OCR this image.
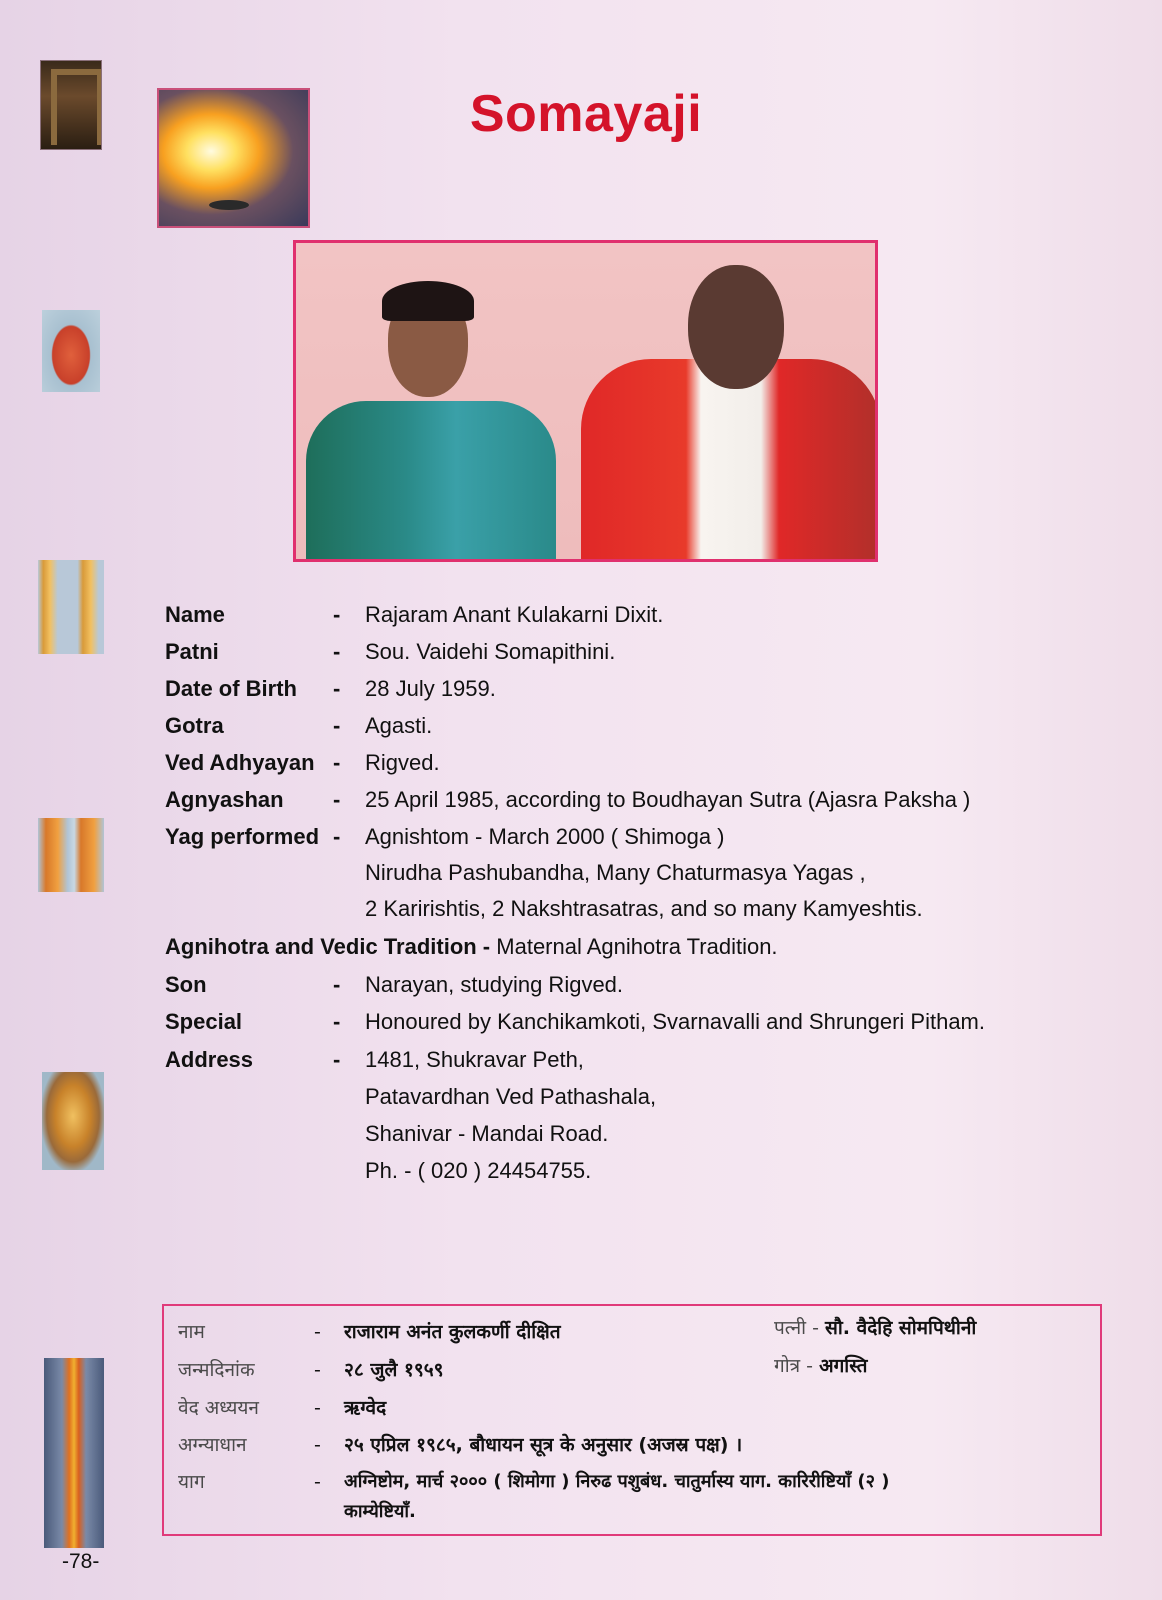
Somayaji
Name	- Rajaram Anant Kulakarni Dixit.
Patni	- Sou. Vaidehi Somapithini.
Date of Birth - 28 July 1959.
Gotra	- Agasti.
Ved Adhyayan - Rigved.
Agnyashan - 25 April 1985, according to Boudhayan Sutra (Ajasra Paksha )
Yag performed - Agnishtom - March 2000 ( Shimoga )
Nirudha Pashubandha, Many Chaturmasya Yagas ,
2 Karirishtis, 2 Nakshtrasatras, and so many Kamyeshtis.
Agnihotra and Vedic Tradition - Maternal Agnihotra Tradition.
Son	- Narayan, studying Rigved.
Special	- Honoured by Kanchikamkoti, Svarnavalli and Shrungeri Pitham.
Address	- 1481, Shukravar Peth,
Patavardhan Ved Pathashala,
Shanivar - Mandai Road.
Ph. - ( 020 ) 24454755.
नाम	- राजाराम अनंत कुलकर्णी दीक्षित	पत्नी - सौ. वैदेहि सोमपिथीनी
जन्मदिनांक	- २८ जुलै १९५९	गोत्र - अगस्ति
वेद अध्ययन	- ऋग्वेद
अग्न्याधान	- २५ एप्रिल १९८५, बौधायन सूत्र के अनुसार (अजस्र पक्ष) ।
याग	- अग्निष्टोम, मार्च २००० ( शिमोगा ) निरुढ पशुबंध. चातुर्मास्य याग. कारिरीष्टियाँ (२ )
काम्येष्टियाँ.
-78-
